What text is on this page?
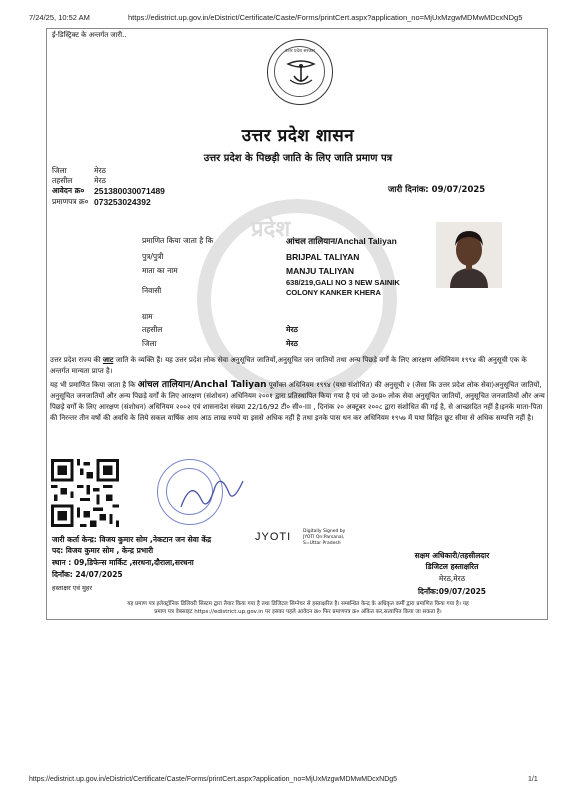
7/24/25, 10:52 AM	https://edistrict.up.gov.in/eDistrict/Certificate/Caste/Forms/printCert.aspx?application_no=MjUxMzgwMDMwMDcxNDg5
प्रदेश
ई-डिस्ट्रिक्ट के अन्तर्गत जारी..
उत्तर प्रदेश सरकार
उत्तर प्रदेश शासन
उत्तर प्रदेश के पिछड़ी जाति के लिए जाति प्रमाण पत्र
जिला	मेरठ
तहसील	मेरठ
आवेदन क्र०	251380030071489
प्रमाणपत्र क्र० 073253024392
जारी दिनांक: 09/07/2025
प्रमाणित किया जाता है कि	आंचल तालियान/Anchal Taliyan
पुत्र/पुत्री	BRIJPAL TALIYAN
माता का नाम	MANJU TALIYAN
निवासी
638/219,GALI NO 3 NEW SAINIK COLONY KANKER KHERA
ग्राम
तहसील	मेरठ
जिला	मेरठ
उत्तर प्रदेश राज्य की जाट जाति के व्यक्ति हैं। यह उत्तर प्रदेश लोक सेवा अनुसूचित जातियों,अनुसूचित जन जातियों तथा अन्य पिछड़े वर्गों के लिए आरक्षण अधिनियम १९९४ की अनुसूची एक के अन्तर्गत मान्यता प्राप्त है।
यह भी प्रमाणित किया जाता है कि आंचल तालियान/Anchal Taliyan पूर्वोक्त अधिनियम १९९४ (यथा संशोधित) की अनुसूची २ (जैसा कि उत्तर प्रदेश लोक सेवा)अनुसूचित जातियों, अनुसूचित जनजातियों और अन्य पिछड़े वर्गों के लिए आरक्षण (संशोधन) अधिनियम २००१ द्वारा प्रतिस्थापित किया गया है एवं जो उ०प्र० लोक सेवा अनुसूचित जातियों, अनुसूचित जनजातियों और अन्य पिछड़े वर्गों के लिए आरक्षण (संशोधन) अधिनियम २००२ एवं शासनादेश संख्या 22/16/92 टी० सी०-III , दिनांक २० अक्टूबर २००८ द्वारा संशोधित की गई है, से आच्छादित नहीं है।इनके माता-पिता की निरन्तर तीन वर्षो की अवधि के लिये सकल वार्षिक आय आठ लाख रुपये या इससे अधिक नहीं है तथा इनके पास धन कर अधिनियम १९५७ में यथा विहित छूट सीमा से अधिक सम्पत्ति नहीं है।
जारी कर्ता केन्द्र: विजय कुमार सोम ,नेकटान जन सेवा केंद्र
पद: विजय कुमार सोम , केन्द्र प्रभारी
स्थान : 09,डिफेन्स मार्किट ,सरधना,दौराला,सरधना
दिनाँक: 24/07/2025
हस्ताक्षर एवं मुहर
JYOTI	Digitally Signed by
JYOTI On:Parsanal,
S=Uttar Pradesh
सक्षम अधिकारी/तहसीलदार
डिजिटल हस्ताक्षरित
मेरठ,मेरठ
दिनाँक:09/07/2025
यह प्रमाण पत्र इलेक्ट्रॉनिक डिलिवरी सिस्टम द्वारा तैयार किया गया है तथा डिजिटल सिग्नेचर से हस्ताक्षरित है। सम्बन्धित केन्द्र के अधिकृत कर्मी द्वारा प्रमाणित किया गया है। यह
प्रमाण पत्र वेबसाइट https://edistrict.up.gov.in पर इसका पहले आवेदन क्र० फिर प्रमाणपत्र क्र० अंकित कर,सत्यापित किया जा सकता है।
https://edistrict.up.gov.in/eDistrict/Certificate/Caste/Forms/printCert.aspx?application_no=MjUxMzgwMDMwMDcxNDg5	1/1
